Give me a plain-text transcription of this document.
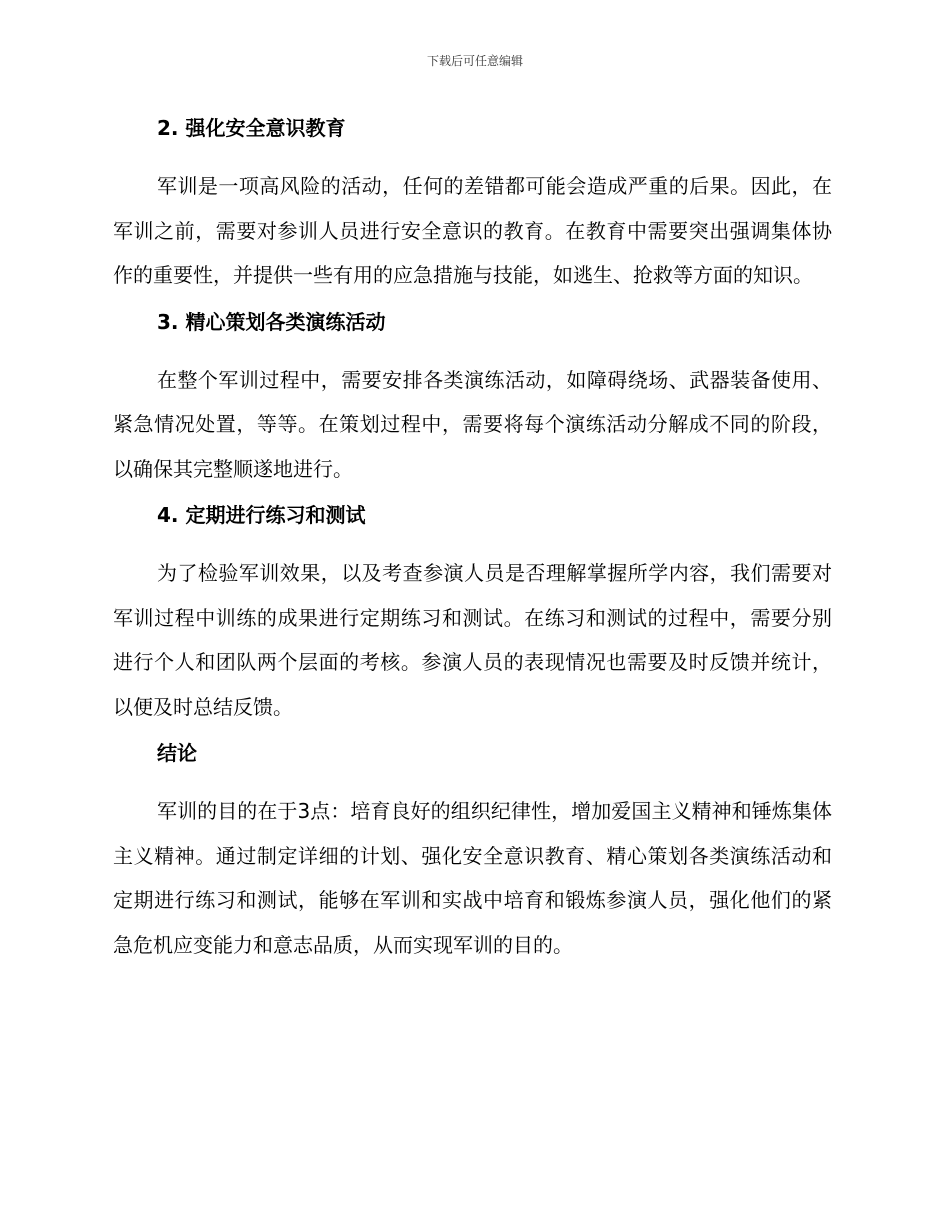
下载后可任意编辑
2. 强化安全意识教育

军训是一项高风险的活动，任何的差错都可能会造成严重的后果。因此，在军训之前，需要对参训人员进行安全意识的教育。在教育中需要突出强调集体协作的重要性，并提供一些有用的应急措施与技能，如逃生、抢救等方面的知识。

3. 精心策划各类演练活动

在整个军训过程中，需要安排各类演练活动，如障碍绕场、武器装备使用、紧急情况处置，等等。在策划过程中，需要将每个演练活动分解成不同的阶段，以确保其完整顺遂地进行。

4. 定期进行练习和测试

为了检验军训效果，以及考查参演人员是否理解掌握所学内容，我们需要对军训过程中训练的成果进行定期练习和测试。在练习和测试的过程中，需要分别进行个人和团队两个层面的考核。参演人员的表现情况也需要及时反馈并统计，以便及时总结反馈。

结论

军训的目的在于3点：培育良好的组织纪律性，增加爱国主义精神和锤炼集体主义精神。通过制定详细的计划、强化安全意识教育、精心策划各类演练活动和定期进行练习和测试，能够在军训和实战中培育和锻炼参演人员，强化他们的紧急危机应变能力和意志品质，从而实现军训的目的。
